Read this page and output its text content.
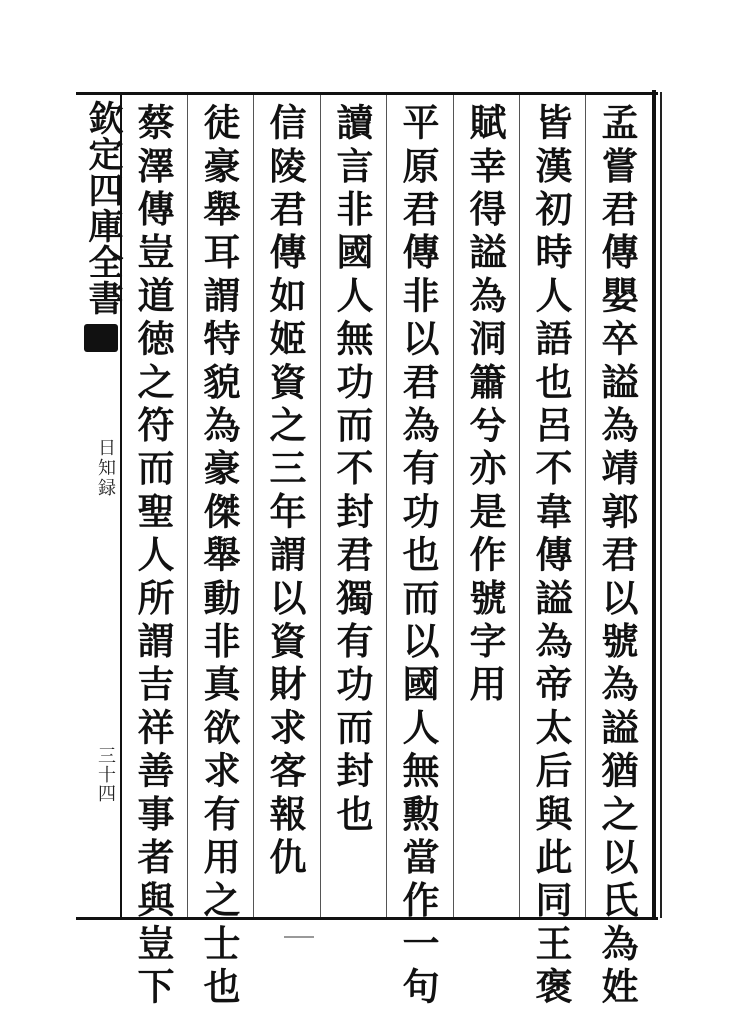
欽定四庫全書
日知録
三十四	孟嘗君傳嬰卒謚為靖郭君以號為謚猶之以氏為姓
皆漢初時人語也呂不韋傳謚為帝太后與此同王褒
賦幸得謚為洞簫兮亦是作號字用
平原君傳非以君為有功也而以國人無勲當作一句
讀言非國人無功而不封君獨有功而封也
信陵君傳如姬資之三年謂以資財求客報仇
徒豪舉耳謂特貌為豪傑舉動非真欲求有用之士也
蔡澤傳豈道徳之符而聖人所謂吉祥善事者與豈下
